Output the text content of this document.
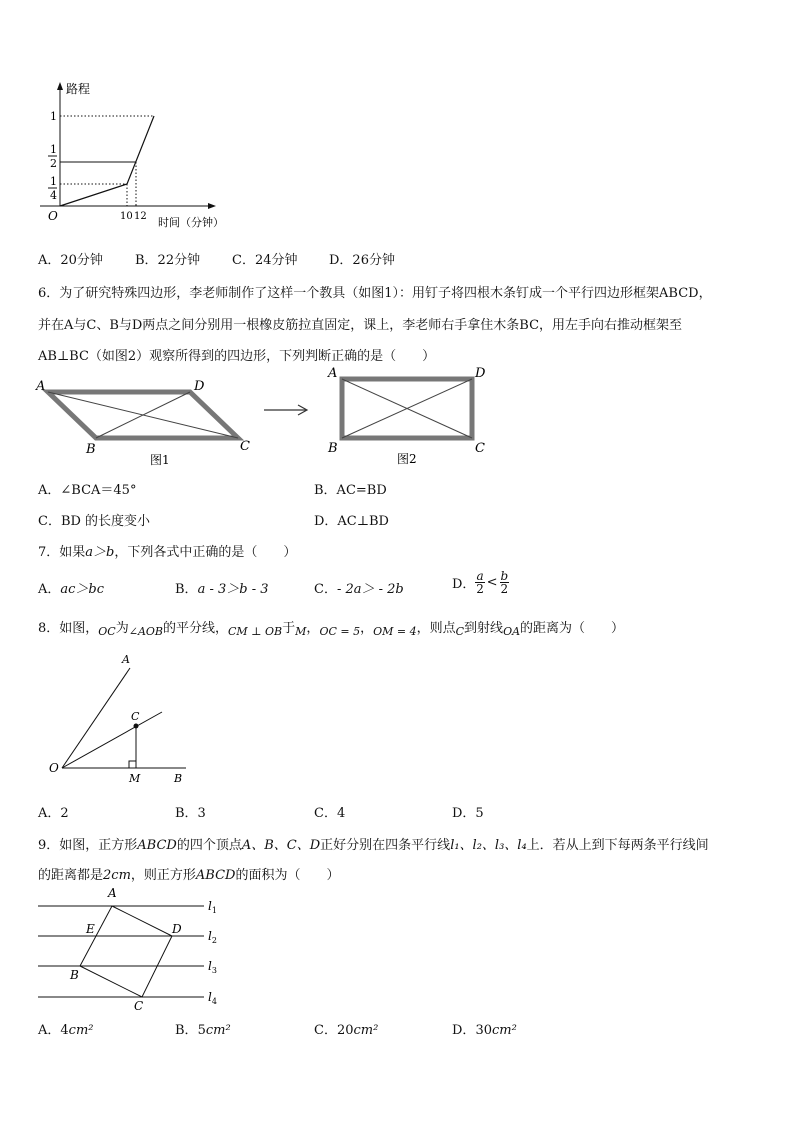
路程
时间（分钟）
O
1
1
2
1
4
10 12
A．20分钟 B．22分钟 C．24分钟 D．26分钟
6．为了研究特殊四边形，李老师制作了这样一个教具（如图1）：用钉子将四根木条钉成一个平行四边形框架ABCD，
并在A与C、B与D两点之间分别用一根橡皮筋拉直固定，课上，李老师右手拿住木条BC，用左手向右推动框架至
AB⊥BC（如图2）观察所得到的四边形，下列判断正确的是（　　）
A	D
B	C
图1
A	D
B	C
图2
A．∠BCA＝45°	B．AC=BD
C．BD 的长度变小	D．AC⊥BD
7．如果a＞b，下列各式中正确的是（　　）
A．ac＞bc	B．a - 3＞b - 3	C．- 2a＞ - 2b	D． $\frac{a}{2} < \frac{b}{2}$
8．如图，$_{OC}$为$_{\angle AOB}$的平分线，$_{CM \perp OB}$于$_M$，$_{OC = 5}$，$_{OM = 4}$，则点$_C$到射线$_{OA}$的距离为（　　）
A
C
O
M	B
A．2	B．3	C．4	D．5
9．如图，正方形ABCD的四个顶点A、B、C、D正好分别在四条平行线l₁、l₂、l₃、l₄上．若从上到下每两条平行线间
的距离都是2cm，则正方形ABCD的面积为（　　）
A
E	D
B
C
$l_1$
$l_2$
$l_3$
$l_4$
A．4cm²	B．5cm²	C．20cm²	D．30cm²
